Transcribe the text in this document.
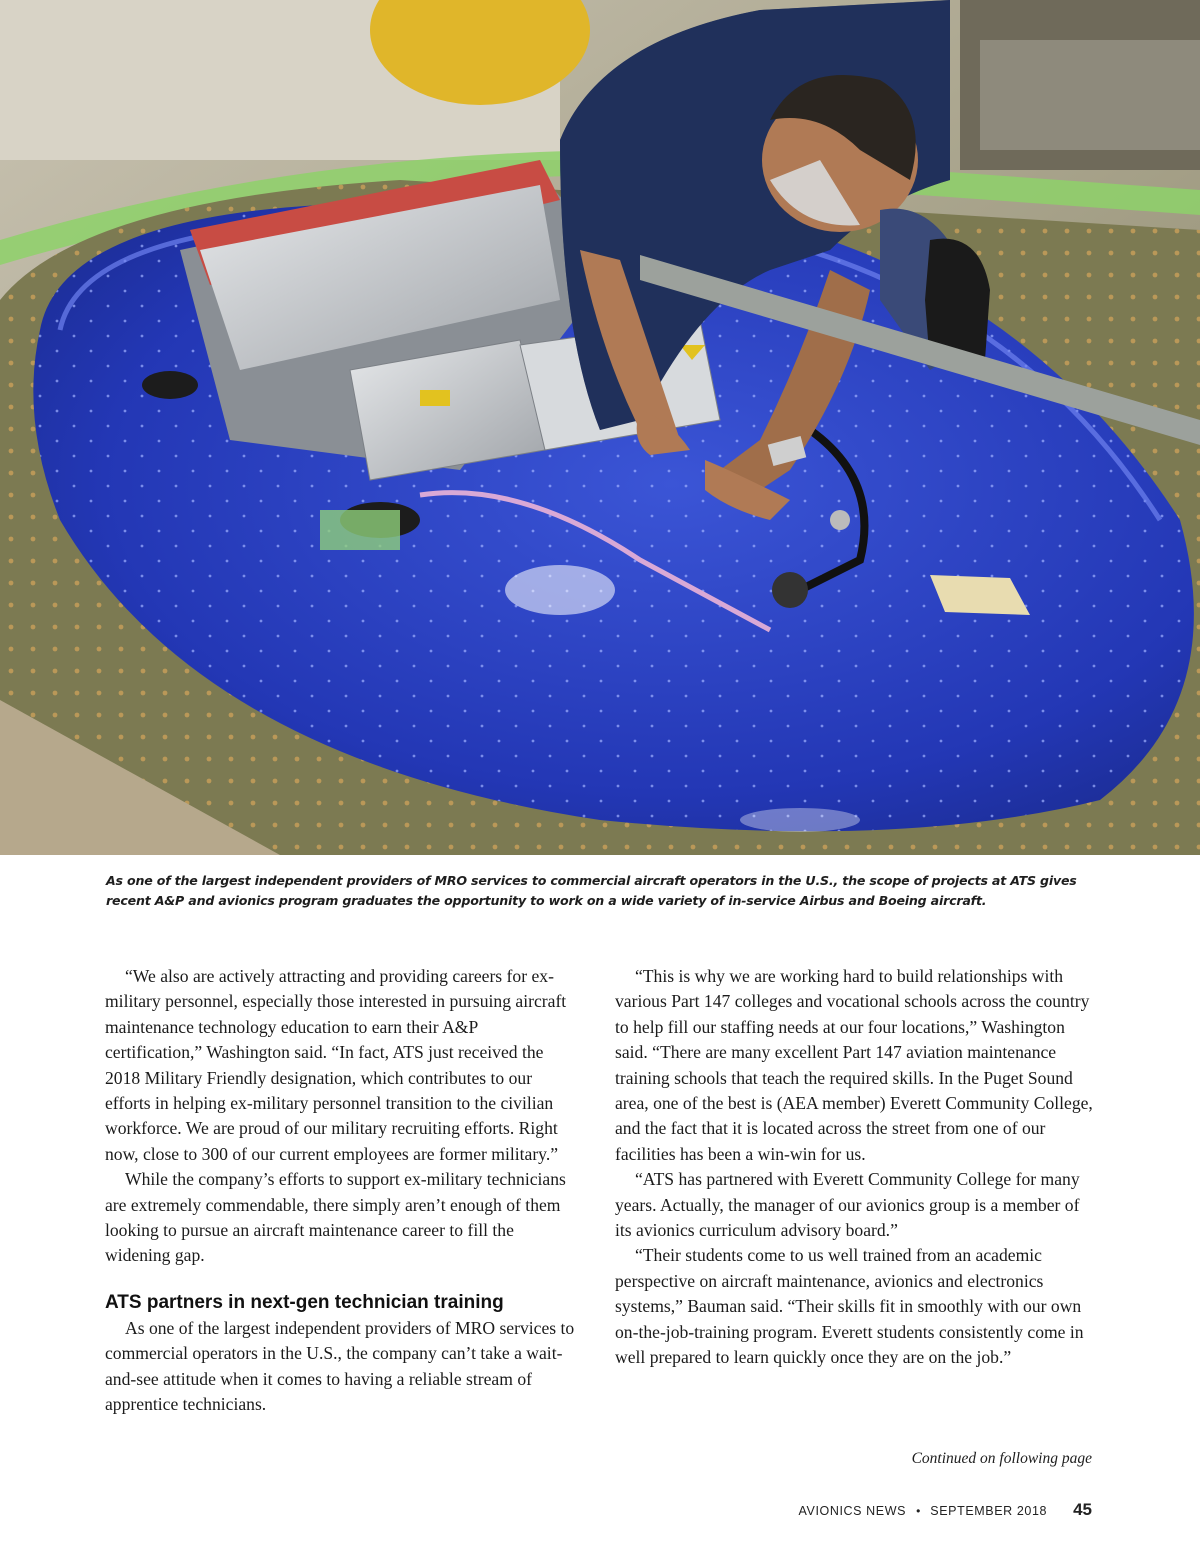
As one of the largest independent providers of MRO services to commercial aircraft operators in the U.S., the scope of projects at ATS gives recent A&P and avionics program graduates the opportunity to work on a wide variety of in-service Airbus and Boeing aircraft.

“We also are actively attracting and providing careers for ex-military personnel, especially those interested in pursuing aircraft maintenance technology education to earn their A&P certification,” Washington said. “In fact, ATS just received the 2018 Military Friendly designation, which contributes to our efforts in helping ex-military personnel transition to the civilian workforce. We are proud of our military recruiting efforts. Right now, close to 300 of our current employees are former military.”

While the company’s efforts to support ex-military technicians are extremely commendable, there simply aren’t enough of them looking to pursue an aircraft maintenance career to fill the widening gap.

ATS partners in next-gen technician training

As one of the largest independent providers of MRO services to commercial operators in the U.S., the company can’t take a wait-and-see attitude when it comes to having a reliable stream of apprentice technicians.

“This is why we are working hard to build relationships with various Part 147 colleges and vocational schools across the country to help fill our staffing needs at our four locations,” Washington said. “There are many excellent Part 147 aviation maintenance training schools that teach the required skills. In the Puget Sound area, one of the best is (AEA member) Everett Community College, and the fact that it is located across the street from one of our facilities has been a win-win for us.

“ATS has partnered with Everett Community College for many years. Actually, the manager of our avionics group is a member of its avionics curriculum advisory board.”

“Their students come to us well trained from an academic perspective on aircraft maintenance, avionics and electronics systems,” Bauman said. “Their skills fit in smoothly with our own on-the-job-training program. Everett students consistently come in well prepared to learn quickly once they are on the job.”

Continued on following page
AVIONICS NEWS • SEPTEMBER 2018 45
